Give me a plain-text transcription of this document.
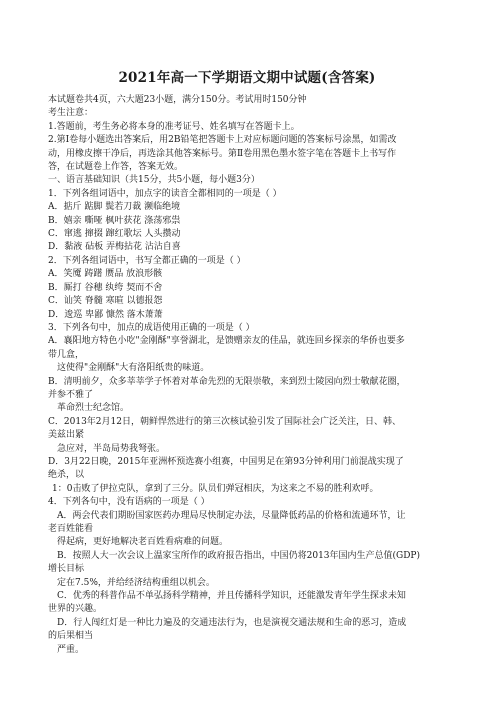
2021年高一下学期语文期中试题(含答案)
本试题卷共4页，六大题23小题，满分150分。考试用时150分钟
考生注意：
1.答题前，考生务必将本身的准考证号、姓名填写在答题卡上。
2.第Ⅰ卷每小题选出答案后，用2B铅笔把答题卡上对应标题问题的答案标号涂黑，如需改
动，用橡皮擦干净后，再选涂其他答案标号。第Ⅱ卷用黑色墨水签字笔在答题卡上书写作
答，在试题卷上作答，答案无效。
一、语言基础知识（共15分，共5小题，每小题3分）
1．下列各组词语中，加点字的读音全都相同的一项是（ ）
A．掂斤 踮脚 鬓若刀裁 濒临绝境
B．嬉亲 嘶哑 枫叶获花 涤荡邪祟
C．窜逃 撺掇 蹿红歌坛 人头攒动
D．黏液 砧板 弄梅拈花 沾沾自喜
2．下列各组词语中，书写全都正确的一项是（ ）
A．笑魇 踌躇 赝品 放浪形骸
B．厮打 谷穗 纨绔 契而不舍
C．讪笑 脊髓 寒暄 以德报怨
D．逡巡 卑鄙 慷然 落木萧萧
3．下列各句中，加点的成语使用正确的一项是（ ）
A．襄阳地方特色小吃"金刚酥"享誉湖北，是馈赠亲友的佳品，就连回乡探亲的华侨也要多
带几盒，
这使得"金刚酥"大有洛阳纸贵的味道。
B．清明前夕，众多莘莘学子怀着对革命先烈的无限崇敬，来到烈士陵园向烈士敬献花圈，
并参不雅了
革命烈士纪念馆。
C．2013年2月12日，朝鲜悍然进行的第三次核试验引发了国际社会广泛关注，日、韩、
美兹出紧
急应对，半岛局势我弩张。
D．3月22日晚，2015年亚洲杯预选赛小组赛，中国男足在第93分钟利用门前混战实现了
绝杀，以
1：0击败了伊拉克队，拿到了三分。队员们弹冠相庆，为这来之不易的胜利欢呼。
4．下列各句中，没有语病的一项是（ ）
A．两会代表们期盼国家医药办理局尽快制定办法，尽量降低药品的价格和流通环节，让
老百姓能看
得起病，更好地解决老百姓看病难的问题。
B．按照人大一次会议上温家宝所作的政府报告指出，中国仍将2013年国内生产总值(GDP)
增长目标
定在7.5%，并给经济结构重组以机会。
C．优秀的科普作品不单弘扬科学精神，并且传播科学知识，还能激发青年学生探求未知
世界的兴趣。
D．行人闯红灯是一种比力遍及的交通违法行为，也是演视交通法规和生命的恶习，造成
的后果相当
严重。
